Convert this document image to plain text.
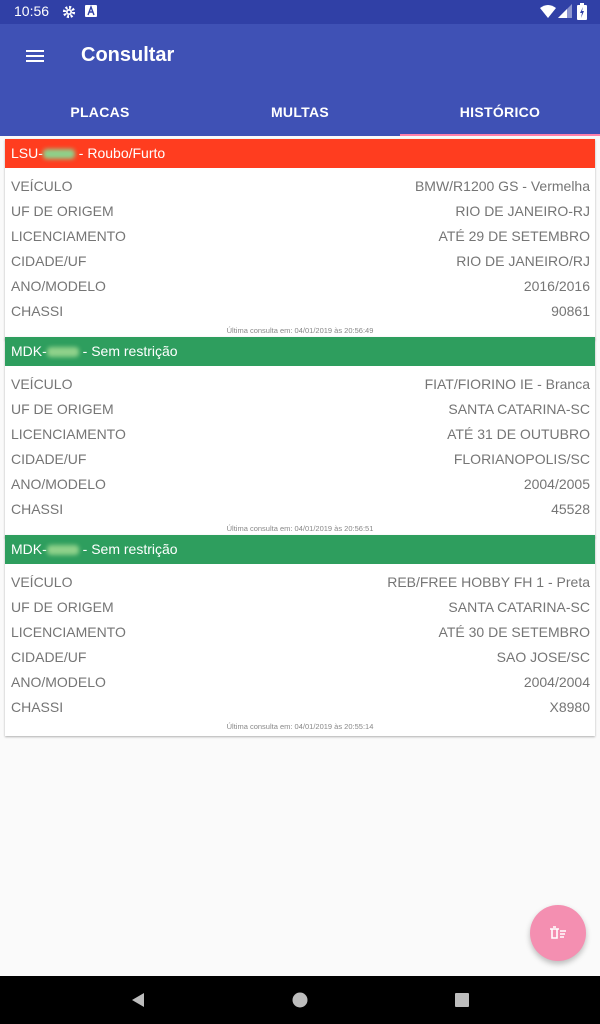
10:56
Consultar
PLACAS	MULTAS	HISTÓRICO
LSU- - Roubo/Furto
VEÍCULO	BMW/R1200 GS - Vermelha
UF DE ORIGEM	RIO DE JANEIRO-RJ
LICENCIAMENTO	ATÉ 29 DE SETEMBRO
CIDADE/UF	RIO DE JANEIRO/RJ
ANO/MODELO	2016/2016
CHASSI	90861
Última consulta em: 04/01/2019 às 20:56:49
MDK- - Sem restrição
VEÍCULO	FIAT/FIORINO IE - Branca
UF DE ORIGEM	SANTA CATARINA-SC
LICENCIAMENTO	ATÉ 31 DE OUTUBRO
CIDADE/UF	FLORIANOPOLIS/SC
ANO/MODELO	2004/2005
CHASSI	45528
Última consulta em: 04/01/2019 às 20:56:51
MDK- - Sem restrição
VEÍCULO	REB/FREE HOBBY FH 1 - Preta
UF DE ORIGEM	SANTA CATARINA-SC
LICENCIAMENTO	ATÉ 30 DE SETEMBRO
CIDADE/UF	SAO JOSE/SC
ANO/MODELO	2004/2004
CHASSI	X8980
Última consulta em: 04/01/2019 às 20:55:14
